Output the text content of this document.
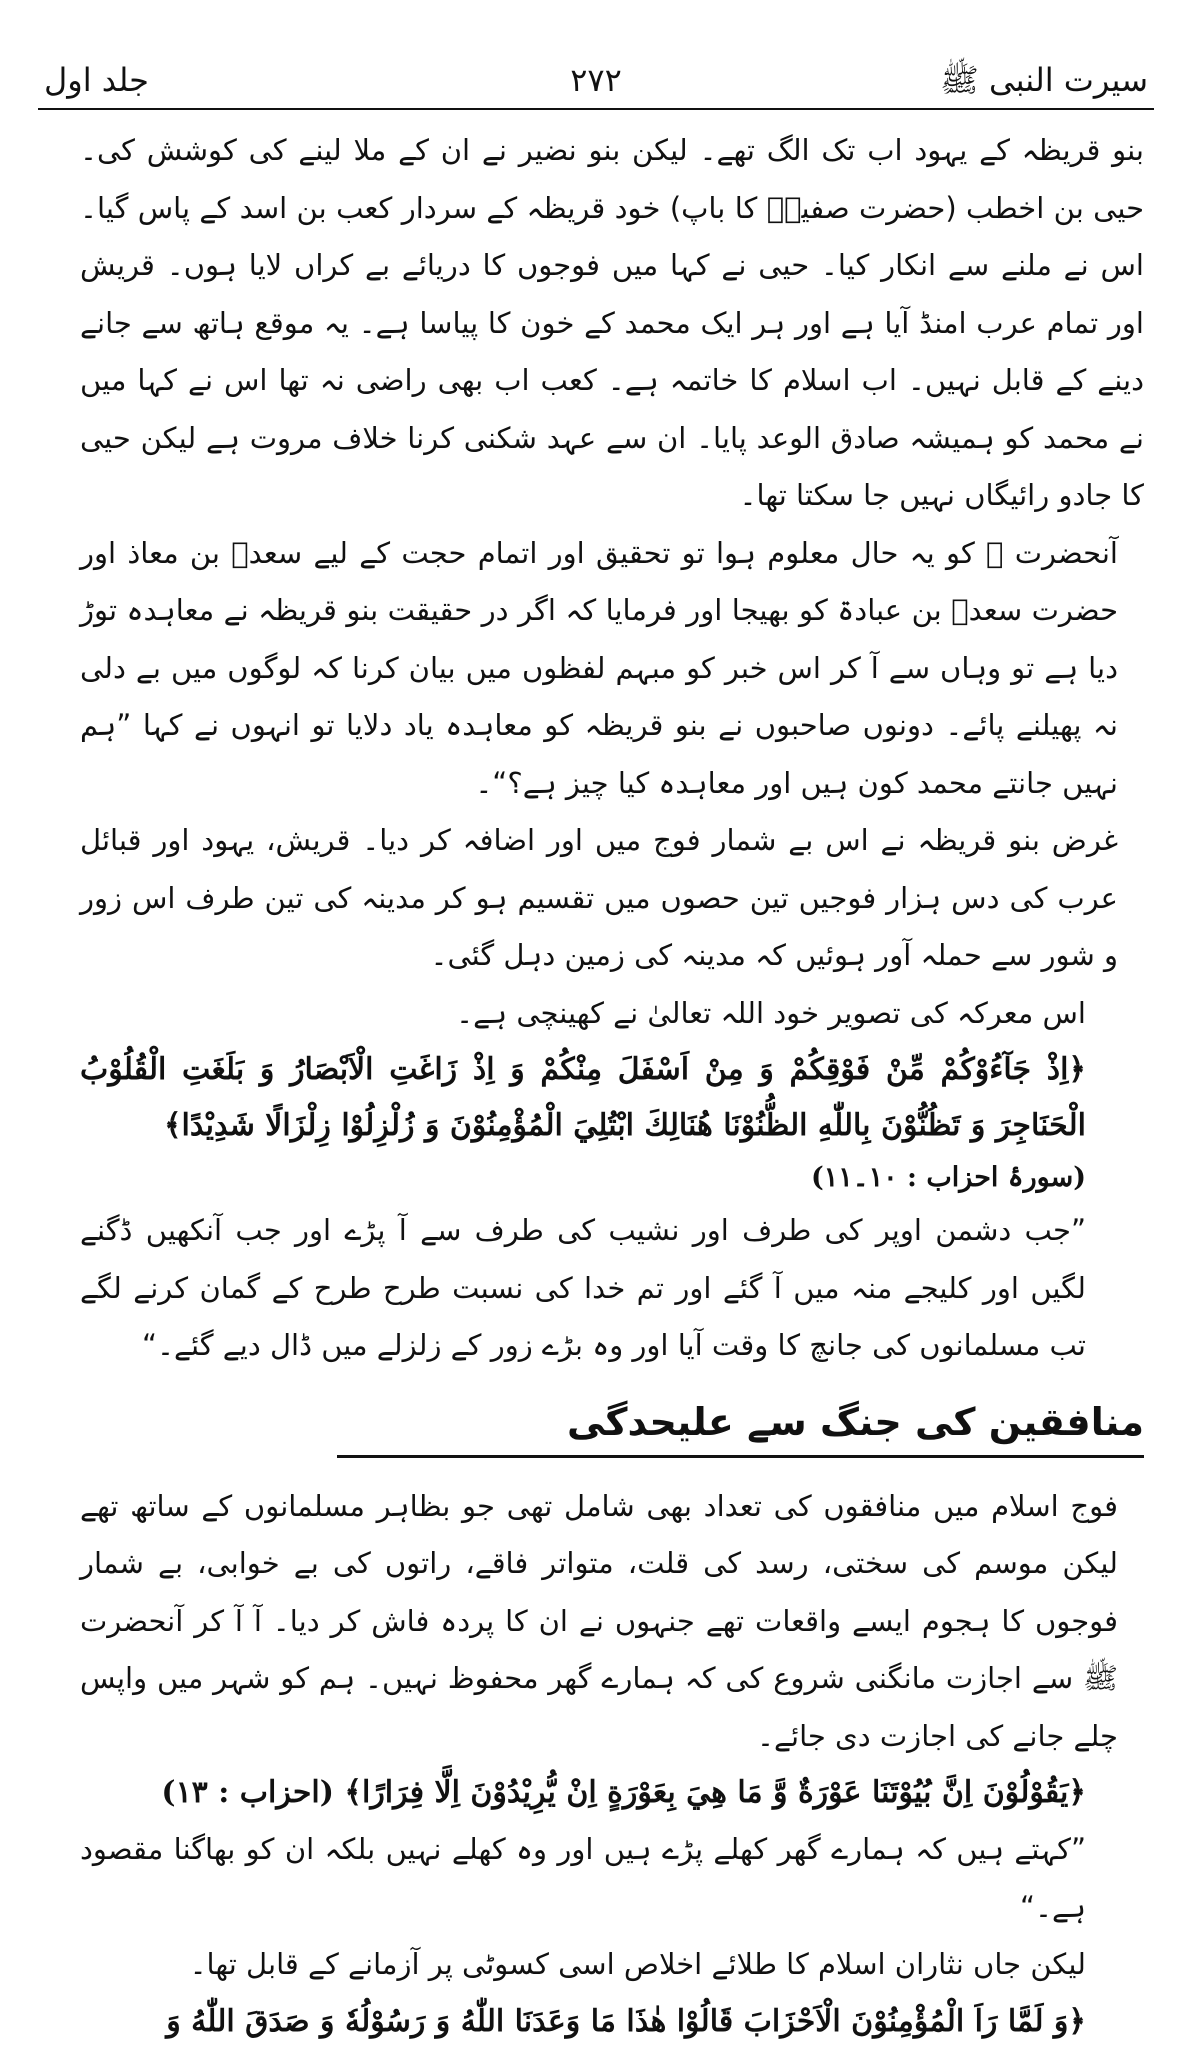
سیرت النبی ﷺ
۲۷۲
جلد اول

بنو قریظہ کے یہود اب تک الگ تھے۔ لیکن بنو نضیر نے ان کے ملا لینے کی کوشش کی۔ حیی بن اخطب (حضرت صفیہؓ کا باپ) خود قریظہ کے سردار کعب بن اسد کے پاس گیا۔ اس نے ملنے سے انکار کیا۔ حیی نے کہا میں فوجوں کا دریائے بے کراں لایا ہوں۔ قریش اور تمام عرب امنڈ آیا ہے اور ہر ایک محمد کے خون کا پیاسا ہے۔ یہ موقع ہاتھ سے جانے دینے کے قابل نہیں۔ اب اسلام کا خاتمہ ہے۔ کعب اب بھی راضی نہ تھا اس نے کہا میں نے محمد کو ہمیشہ صادق الوعد پایا۔ ان سے عہد شکنی کرنا خلاف مروت ہے لیکن حیی کا جادو رائیگاں نہیں جا سکتا تھا۔

آنحضرت ﷺ کو یہ حال معلوم ہوا تو تحقیق اور اتمام حجت کے لیے سعدؓ بن معاذ اور حضرت سعدؓ بن عبادۃ کو بھیجا اور فرمایا کہ اگر در حقیقت بنو قریظہ نے معاہدہ توڑ دیا ہے تو وہاں سے آ کر اس خبر کو مبہم لفظوں میں بیان کرنا کہ لوگوں میں بے دلی نہ پھیلنے پائے۔ دونوں صاحبوں نے بنو قریظہ کو معاہدہ یاد دلایا تو انہوں نے کہا ”ہم نہیں جانتے محمد کون ہیں اور معاہدہ کیا چیز ہے؟“۔

غرض بنو قریظہ نے اس بے شمار فوج میں اور اضافہ کر دیا۔ قریش، یہود اور قبائل عرب کی دس ہزار فوجیں تین حصوں میں تقسیم ہو کر مدینہ کی تین طرف اس زور و شور سے حملہ آور ہوئیں کہ مدینہ کی زمین دہل گئی۔

اس معرکہ کی تصویر خود اللہ تعالیٰ نے کھینچی ہے۔

﴿اِذْ جَآءُوْكُمْ مِّنْ فَوْقِكُمْ وَ مِنْ اَسْفَلَ مِنْكُمْ وَ اِذْ زَاغَتِ الْاَبْصَارُ وَ بَلَغَتِ الْقُلُوْبُ الْحَنَاجِرَ وَ تَظُنُّوْنَ بِاللّٰهِ الظُّنُوْنَا هُنَالِكَ ابْتُلِيَ الْمُؤْمِنُوْنَ وَ زُلْزِلُوْا زِلْزَالًا شَدِيْدًا﴾

(سورۂ احزاب : ۱۰۔۱۱)

”جب دشمن اوپر کی طرف اور نشیب کی طرف سے آ پڑے اور جب آنکھیں ڈگنے لگیں اور کلیجے منہ میں آ گئے اور تم خدا کی نسبت طرح طرح کے گمان کرنے لگے تب مسلمانوں کی جانچ کا وقت آیا اور وہ بڑے زور کے زلزلے میں ڈال دیے گئے۔“

منافقین کی جنگ سے علیحدگی

فوج اسلام میں منافقوں کی تعداد بھی شامل تھی جو بظاہر مسلمانوں کے ساتھ تھے لیکن موسم کی سختی، رسد کی قلت، متواتر فاقے، راتوں کی بے خوابی، بے شمار فوجوں کا ہجوم ایسے واقعات تھے جنہوں نے ان کا پردہ فاش کر دیا۔ آ آ کر آنحضرت ﷺ سے اجازت مانگنی شروع کی کہ ہمارے گھر محفوظ نہیں۔ ہم کو شہر میں واپس چلے جانے کی اجازت دی جائے۔

﴿يَقُوْلُوْنَ اِنَّ بُيُوْتَنَا عَوْرَةٌ وَّ مَا هِيَ بِعَوْرَةٍ اِنْ يُّرِيْدُوْنَ اِلَّا فِرَارًا﴾ (احزاب : ۱۳)

”کہتے ہیں کہ ہمارے گھر کھلے پڑے ہیں اور وہ کھلے نہیں بلکہ ان کو بھاگنا مقصود ہے۔“

لیکن جاں نثاران اسلام کا طلائے اخلاص اسی کسوٹی پر آزمانے کے قابل تھا۔

﴿وَ لَمَّا رَاَ الْمُؤْمِنُوْنَ الْاَحْزَابَ قَالُوْا هٰذَا مَا وَعَدَنَا اللّٰهُ وَ رَسُوْلُهٗ وَ صَدَقَ اللّٰهُ وَ
